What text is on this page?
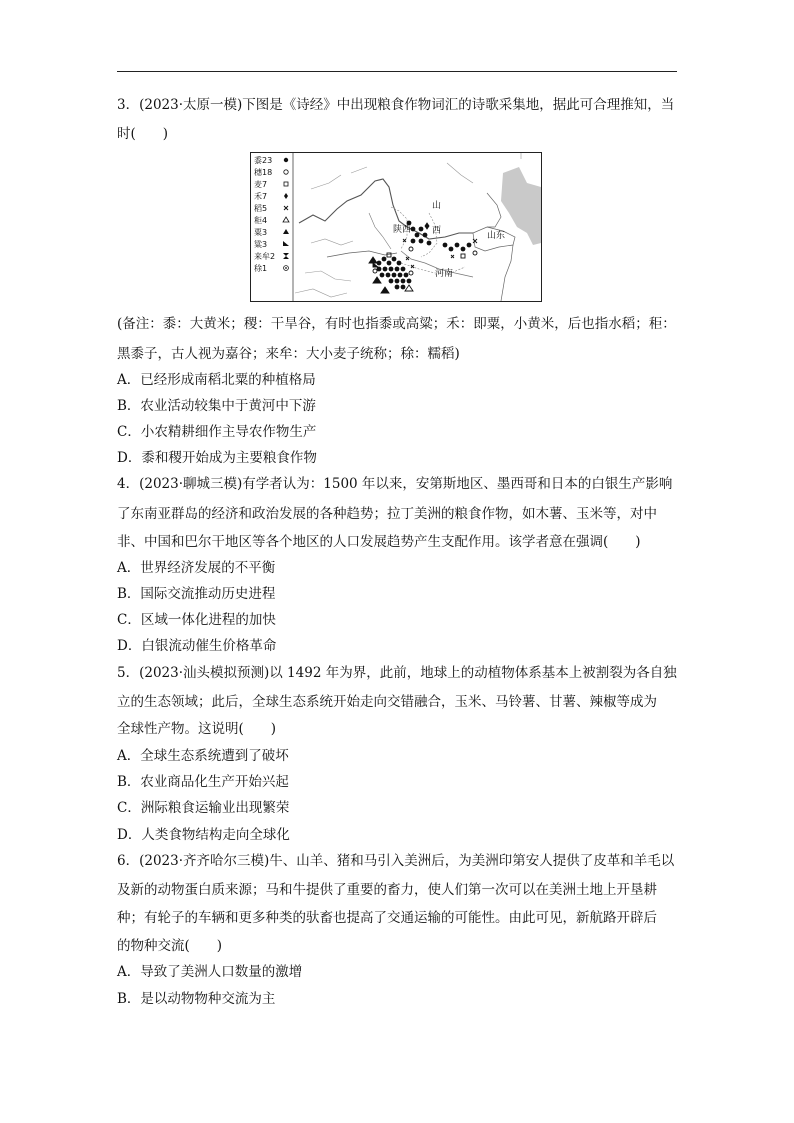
3．(2023·太原一模)下图是《诗经》中出现粮食作物词汇的诗歌采集地，据此可合理推知，当
时(　　)
黍23
穗18
麦7
禾7
稻5
秬4
粟3
粱3
来牟2
稌1
陕西
山
西	山东
河南
(备注：黍：大黄米；稷：干旱谷，有时也指黍或高粱；禾：即粟，小黄米，后也指水稻；秬：
黑黍子，古人视为嘉谷；来牟：大小麦子统称；稌：糯稻)
A．已经形成南稻北粟的种植格局
B．农业活动较集中于黄河中下游
C．小农精耕细作主导农作物生产
D．黍和稷开始成为主要粮食作物
4．(2023·聊城三模)有学者认为：1500 年以来，安第斯地区、墨西哥和日本的白银生产影响
了东南亚群岛的经济和政治发展的各种趋势；拉丁美洲的粮食作物，如木薯、玉米等，对中
非、中国和巴尔干地区等各个地区的人口发展趋势产生支配作用。该学者意在强调(　　)
A．世界经济发展的不平衡
B．国际交流推动历史进程
C．区域一体化进程的加快
D．白银流动催生价格革命
5．(2023·汕头模拟预测)以 1492 年为界，此前，地球上的动植物体系基本上被割裂为各自独
立的生态领域；此后，全球生态系统开始走向交错融合，玉米、马铃薯、甘薯、辣椒等成为
全球性产物。这说明(　　)
A．全球生态系统遭到了破坏
B．农业商品化生产开始兴起
C．洲际粮食运输业出现繁荣
D．人类食物结构走向全球化
6．(2023·齐齐哈尔三模)牛、山羊、猪和马引入美洲后，为美洲印第安人提供了皮革和羊毛以
及新的动物蛋白质来源；马和牛提供了重要的畜力，使人们第一次可以在美洲土地上开垦耕
种；有轮子的车辆和更多种类的驮畜也提高了交通运输的可能性。由此可见，新航路开辟后
的物种交流(　　)
A．导致了美洲人口数量的激增
B．是以动物物种交流为主
